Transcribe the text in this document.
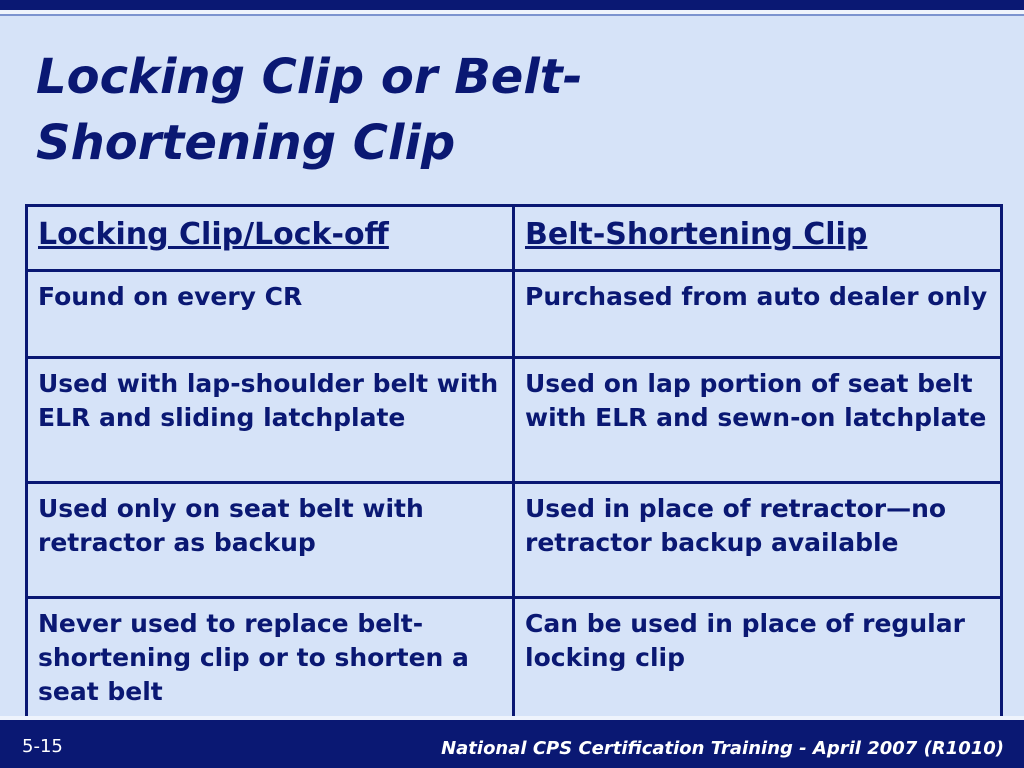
Locking Clip or Belt-
Shortening Clip
Locking Clip/Lock-off	Belt-Shortening Clip
Found on every CR	Purchased from auto dealer only
Used with lap-shoulder belt with ELR and sliding latchplate	Used on lap portion of seat belt with ELR and sewn-on latchplate
Used only on seat belt with retractor as backup	Used in place of retractor—no retractor backup available
Never used to replace belt-shortening clip or to shorten a seat belt	Can be used in place of regular locking clip
5-15	National CPS Certification Training - April 2007 (R1010)
